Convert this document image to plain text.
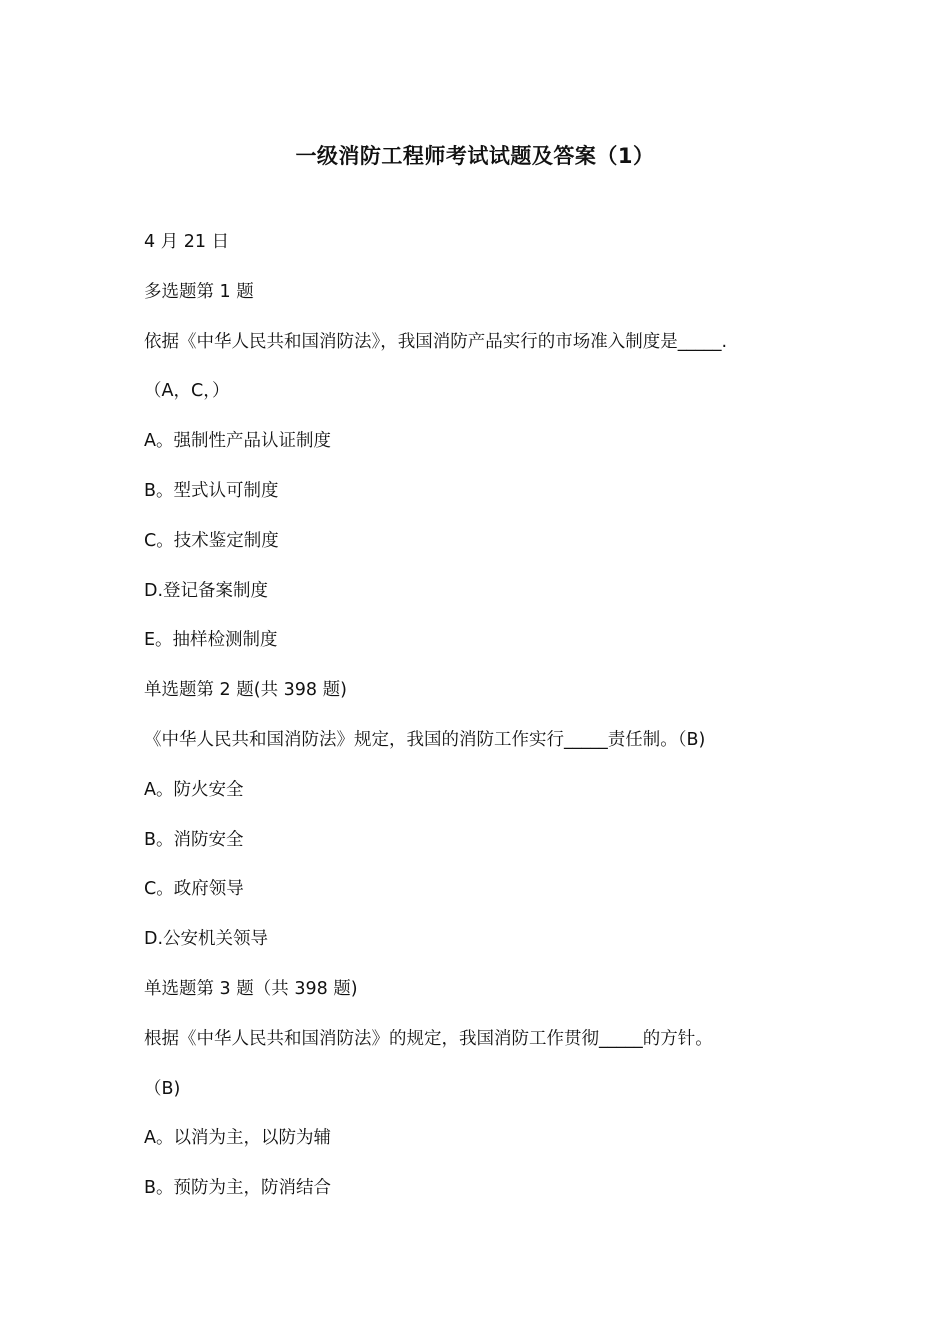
一级消防工程师考试试题及答案（1）
4 月 21 日
多选题第 1 题
依据《中华人民共和国消防法》，我国消防产品实行的市场准入制度是_____.
（A，C，）
A。强制性产品认证制度
B。型式认可制度
C。技术鉴定制度
D.登记备案制度
E。抽样检测制度
单选题第 2 题(共 398 题)
《中华人民共和国消防法》规定，我国的消防工作实行_____责任制。（B)
A。防火安全
B。消防安全
C。政府领导
D.公安机关领导
单选题第 3 题（共 398 题)
根据《中华人民共和国消防法》的规定，我国消防工作贯彻_____的方针。
（B)
A。以消为主，以防为辅
B。预防为主，防消结合
